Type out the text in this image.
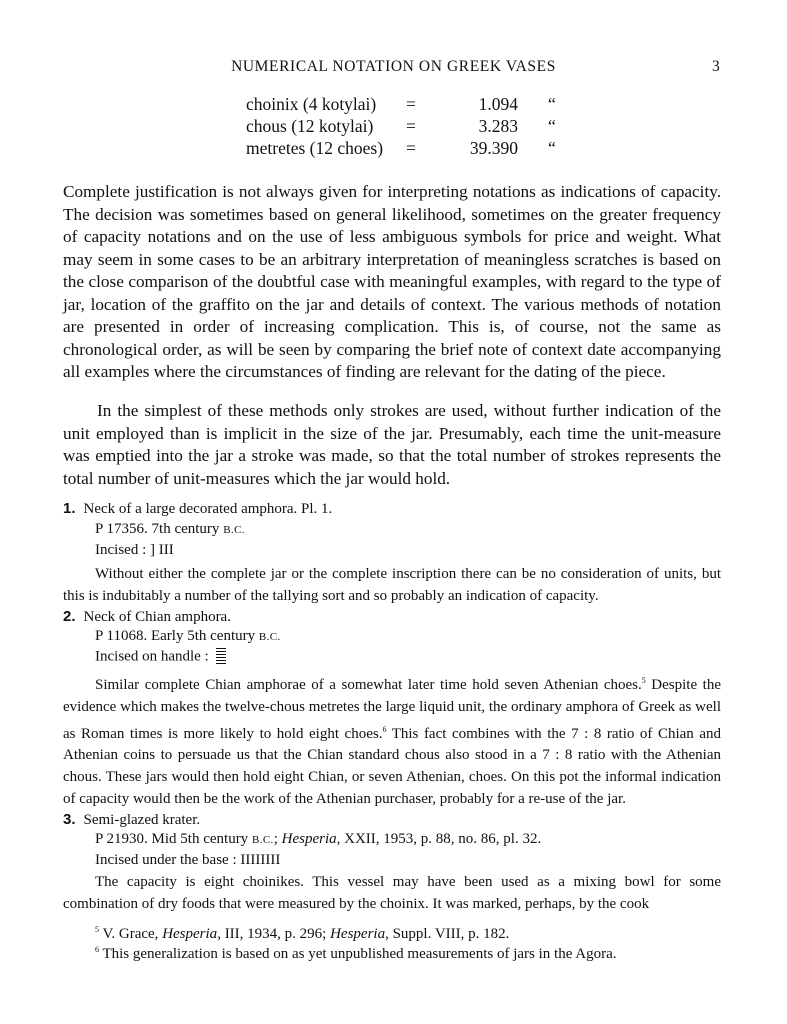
NUMERICAL NOTATION ON GREEK VASES	3
choinix (4 kotylai)	=	1.094	“
chous (12 kotylai)	=	3.283	“
metretes (12 choes)	=	39.390	“

Complete justification is not always given for interpreting notations as indications of capacity. The decision was sometimes based on general likelihood, sometimes on the greater frequency of capacity notations and on the use of less ambiguous symbols for price and weight. What may seem in some cases to be an arbitrary interpretation of meaningless scratches is based on the close comparison of the doubtful case with meaningful examples, with regard to the type of jar, location of the graffito on the jar and details of context. The various methods of notation are presented in order of increasing complication. This is, of course, not the same as chronological order, as will be seen by comparing the brief note of context date accompanying all examples where the circumstances of finding are relevant for the dating of the piece.

In the simplest of these methods only strokes are used, without further indication of the unit employed than is implicit in the size of the jar. Presumably, each time the unit-measure was emptied into the jar a stroke was made, so that the total number of strokes represents the total number of unit-measures which the jar would hold.

1. Neck of a large decorated amphora. Pl. 1.
P 17356. 7th century B.C.
Incised : ] III

Without either the complete jar or the complete inscription there can be no consideration of units, but this is indubitably a number of the tallying sort and so probably an indication of capacity.

2. Neck of Chian amphora.
P 11068. Early 5th century B.C.
Incised on handle :

Similar complete Chian amphorae of a somewhat later time hold seven Athenian choes.$^5$ Despite the evidence which makes the twelve-chous metretes the large liquid unit, the ordinary amphora of Greek as well as Roman times is more likely to hold eight choes.$^6$ This fact combines with the 7 : 8 ratio of Chian and Athenian coins to persuade us that the Chian standard chous also stood in a 7 : 8 ratio with the Athenian chous. These jars would then hold eight Chian, or seven Athenian, choes. On this pot the informal indication of capacity would then be the work of the Athenian purchaser, probably for a re-use of the jar.

3. Semi-glazed krater.
P 21930. Mid 5th century B.C.; Hesperia, XXII, 1953, p. 88, no. 86, pl. 32.
Incised under the base : IIIIIIII

The capacity is eight choinikes. This vessel may have been used as a mixing bowl for some combination of dry foods that were measured by the choinix. It was marked, perhaps, by the cook

$^5$ V. Grace, Hesperia, III, 1934, p. 296; Hesperia, Suppl. VIII, p. 182.
$^6$ This generalization is based on as yet unpublished measurements of jars in the Agora.
